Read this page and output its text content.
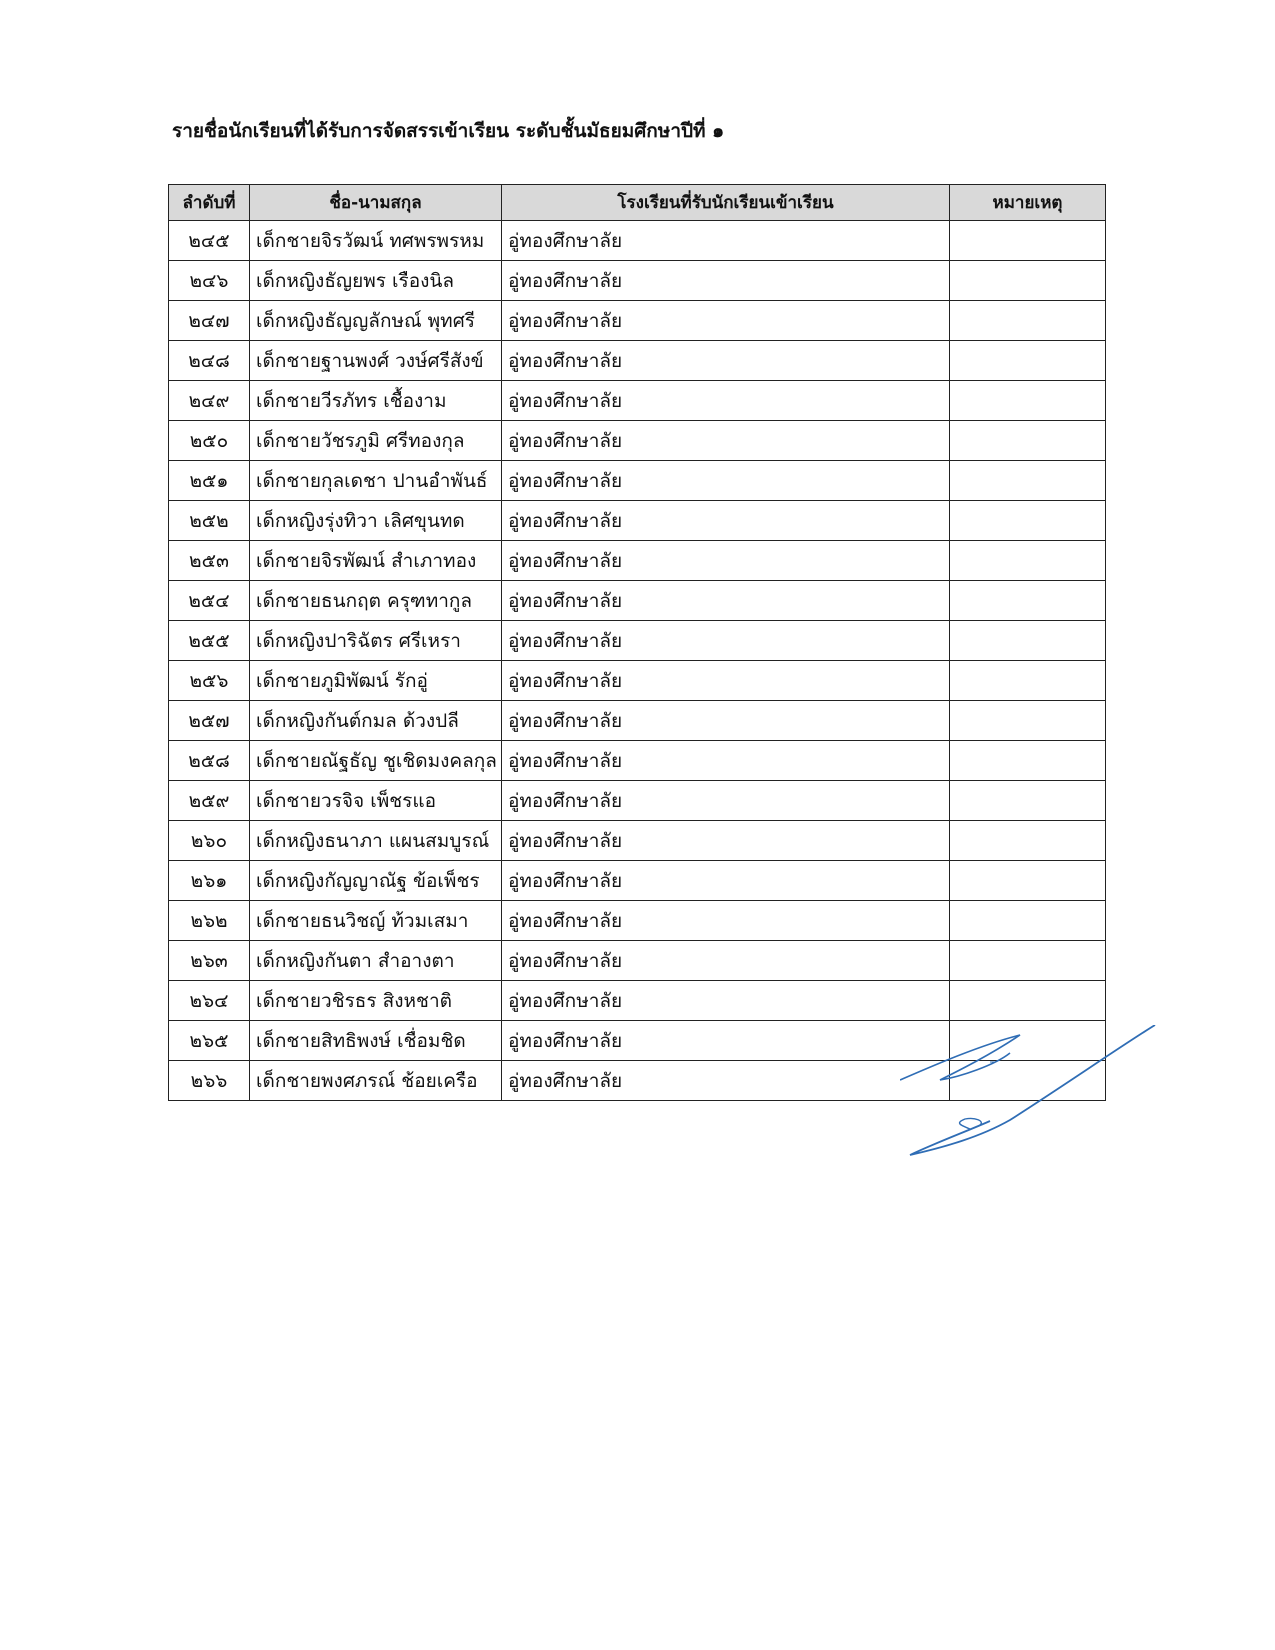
รายชื่อนักเรียนที่ได้รับการจัดสรรเข้าเรียน ระดับชั้นมัธยมศึกษาปีที่ ๑
ลำดับที่	ชื่อ-นามสกุล	โรงเรียนที่รับนักเรียนเข้าเรียน	หมายเหตุ
๒๔๕	เด็กชายจิรวัฒน์ ทศพรพรหม	อู่ทองศึกษาลัย	
๒๔๖	เด็กหญิงธัญยพร เรืองนิล	อู่ทองศึกษาลัย	
๒๔๗	เด็กหญิงธัญญลักษณ์ พุทศรี	อู่ทองศึกษาลัย	
๒๔๘	เด็กชายฐานพงศ์ วงษ์ศรีสังข์	อู่ทองศึกษาลัย	
๒๔๙	เด็กชายวีรภัทร เชื้องาม	อู่ทองศึกษาลัย	
๒๕๐	เด็กชายวัชรภูมิ ศรีทองกุล	อู่ทองศึกษาลัย	
๒๕๑	เด็กชายกุลเดชา ปานอำพันธ์	อู่ทองศึกษาลัย	
๒๕๒	เด็กหญิงรุ่งทิวา เลิศขุนทด	อู่ทองศึกษาลัย	
๒๕๓	เด็กชายจิรพัฒน์ สำเภาทอง	อู่ทองศึกษาลัย	
๒๕๔	เด็กชายธนกฤต ครุฑทากูล	อู่ทองศึกษาลัย	
๒๕๕	เด็กหญิงปาริฉัตร ศรีเหรา	อู่ทองศึกษาลัย	
๒๕๖	เด็กชายภูมิพัฒน์ รักอู่	อู่ทองศึกษาลัย	
๒๕๗	เด็กหญิงกันต์กมล ด้วงปลี	อู่ทองศึกษาลัย	
๒๕๘	เด็กชายณัฐธัญ ชูเชิดมงคลกุล	อู่ทองศึกษาลัย	
๒๕๙	เด็กชายวรจิจ เพ็ชรแอ	อู่ทองศึกษาลัย	
๒๖๐	เด็กหญิงธนาภา แผนสมบูรณ์	อู่ทองศึกษาลัย	
๒๖๑	เด็กหญิงกัญญาณัฐ ข้อเพ็ชร	อู่ทองศึกษาลัย	
๒๖๒	เด็กชายธนวิชญ์ ท้วมเสมา	อู่ทองศึกษาลัย	
๒๖๓	เด็กหญิงกันตา สำอางตา	อู่ทองศึกษาลัย	
๒๖๔	เด็กชายวชิรธร สิงหชาติ	อู่ทองศึกษาลัย	
๒๖๕	เด็กชายสิทธิพงษ์ เชื่อมชิด	อู่ทองศึกษาลัย	
๒๖๖	เด็กชายพงศภรณ์ ช้อยเครือ	อู่ทองศึกษาลัย	
